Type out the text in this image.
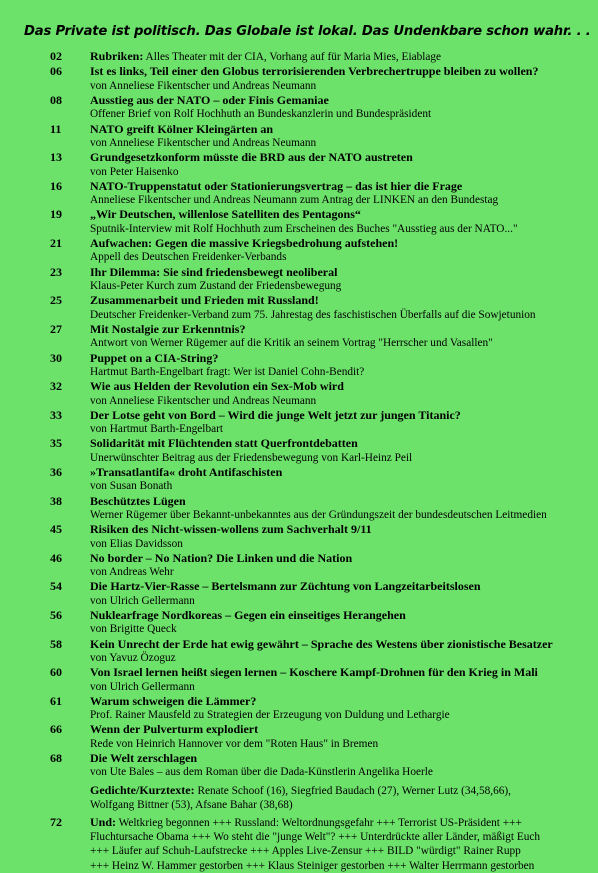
Das Private ist politisch. Das Globale ist lokal. Das Undenkbare schon wahr. . .
02	Rubriken: Alles Theater mit der CIA, Vorhang auf für Maria Mies, Eiablage
06	Ist es links, Teil einer den Globus terrorisierenden Verbrechertruppe bleiben zu wollen?
von Anneliese Fikentscher und Andreas Neumann
08	Ausstieg aus der NATO – oder Finis Gemaniae
Offener Brief von Rolf Hochhuth an Bundeskanzlerin und Bundespräsident
11	NATO greift Kölner Kleingärten an
von Anneliese Fikentscher und Andreas Neumann
13	Grundgesetzkonform müsste die BRD aus der NATO austreten
von Peter Haisenko
16	NATO-Truppenstatut oder Stationierungsvertrag – das ist hier die Frage
Anneliese Fikentscher und Andreas Neumann zum Antrag der LINKEN an den Bundestag
19	„Wir Deutschen, willenlose Satelliten des Pentagons“
Sputnik-Interview mit Rolf Hochhuth zum Erscheinen des Buches "Ausstieg aus der NATO..."
21	Aufwachen: Gegen die massive Kriegsbedrohung aufstehen!
Appell des Deutschen Freidenker-Verbands
23	Ihr Dilemma: Sie sind friedensbewegt neoliberal
Klaus-Peter Kurch zum Zustand der Friedensbewegung
25	Zusammenarbeit und Frieden mit Russland!
Deutscher Freidenker-Verband zum 75. Jahrestag des faschistischen Überfalls auf die Sowjetunion
27	Mit Nostalgie zur Erkenntnis?
Antwort von Werner Rügemer auf die Kritik an seinem Vortrag "Herrscher und Vasallen"
30	Puppet on a CIA-String?
Hartmut Barth-Engelbart fragt: Wer ist Daniel Cohn-Bendit?
32	Wie aus Helden der Revolution ein Sex-Mob wird
von Anneliese Fikentscher und Andreas Neumann
33	Der Lotse geht von Bord – Wird die junge Welt jetzt zur jungen Titanic?
von Hartmut Barth-Engelbart
35	Solidarität mit Flüchtenden statt Querfrontdebatten
Unerwünschter Beitrag aus der Friedensbewegung von Karl-Heinz Peil
36	»Transatlantifa« droht Antifaschisten
von Susan Bonath
38	Beschütztes Lügen
Werner Rügemer über Bekannt-unbekanntes aus der Gründungszeit der bundesdeutschen Leitmedien
45	Risiken des Nicht-wissen-wollens zum Sachverhalt 9/11
von Elias Davidsson
46	No border – No Nation? Die Linken und die Nation
von Andreas Wehr
54	Die Hartz-Vier-Rasse – Bertelsmann zur Züchtung von Langzeitarbeitslosen
von Ulrich Gellermann
56	Nuklearfrage Nordkoreas – Gegen ein einseitiges Herangehen
von Brigitte Queck
58	Kein Unrecht der Erde hat ewig gewährt – Sprache des Westens über zionistische Besatzer
von Yavuz Özoguz
60	Von Israel lernen heißt siegen lernen – Koschere Kampf-Drohnen für den Krieg in Mali
von Ulrich Gellermann
61	Warum schweigen die Lämmer?
Prof. Rainer Mausfeld zu Strategien der Erzeugung von Duldung und Lethargie
66	Wenn der Pulverturm explodiert
Rede von Heinrich Hannover vor dem "Roten Haus" in Bremen
68	Die Welt zerschlagen
von Ute Bales – aus dem Roman über die Dada-Künstlerin Angelika Hoerle
Gedichte/Kurztexte: Renate Schoof (16), Siegfried Baudach (27), Werner Lutz (34,58,66),
Wolfgang Bittner (53), Afsane Bahar (38,68)
72	Und: Weltkrieg begonnen +++ Russland: Weltordnungsgefahr +++ Terrorist US-Präsident +++
Fluchtursache Obama +++ Wo steht die "junge Welt"? +++ Unterdrückte aller Länder, mäßigt Euch
+++ Läufer auf Schuh-Laufstrecke +++ Apples Live-Zensur +++ BILD "würdigt" Rainer Rupp
+++ Heinz W. Hammer gestorben +++ Klaus Steiniger gestorben +++ Walter Herrmann gestorben
